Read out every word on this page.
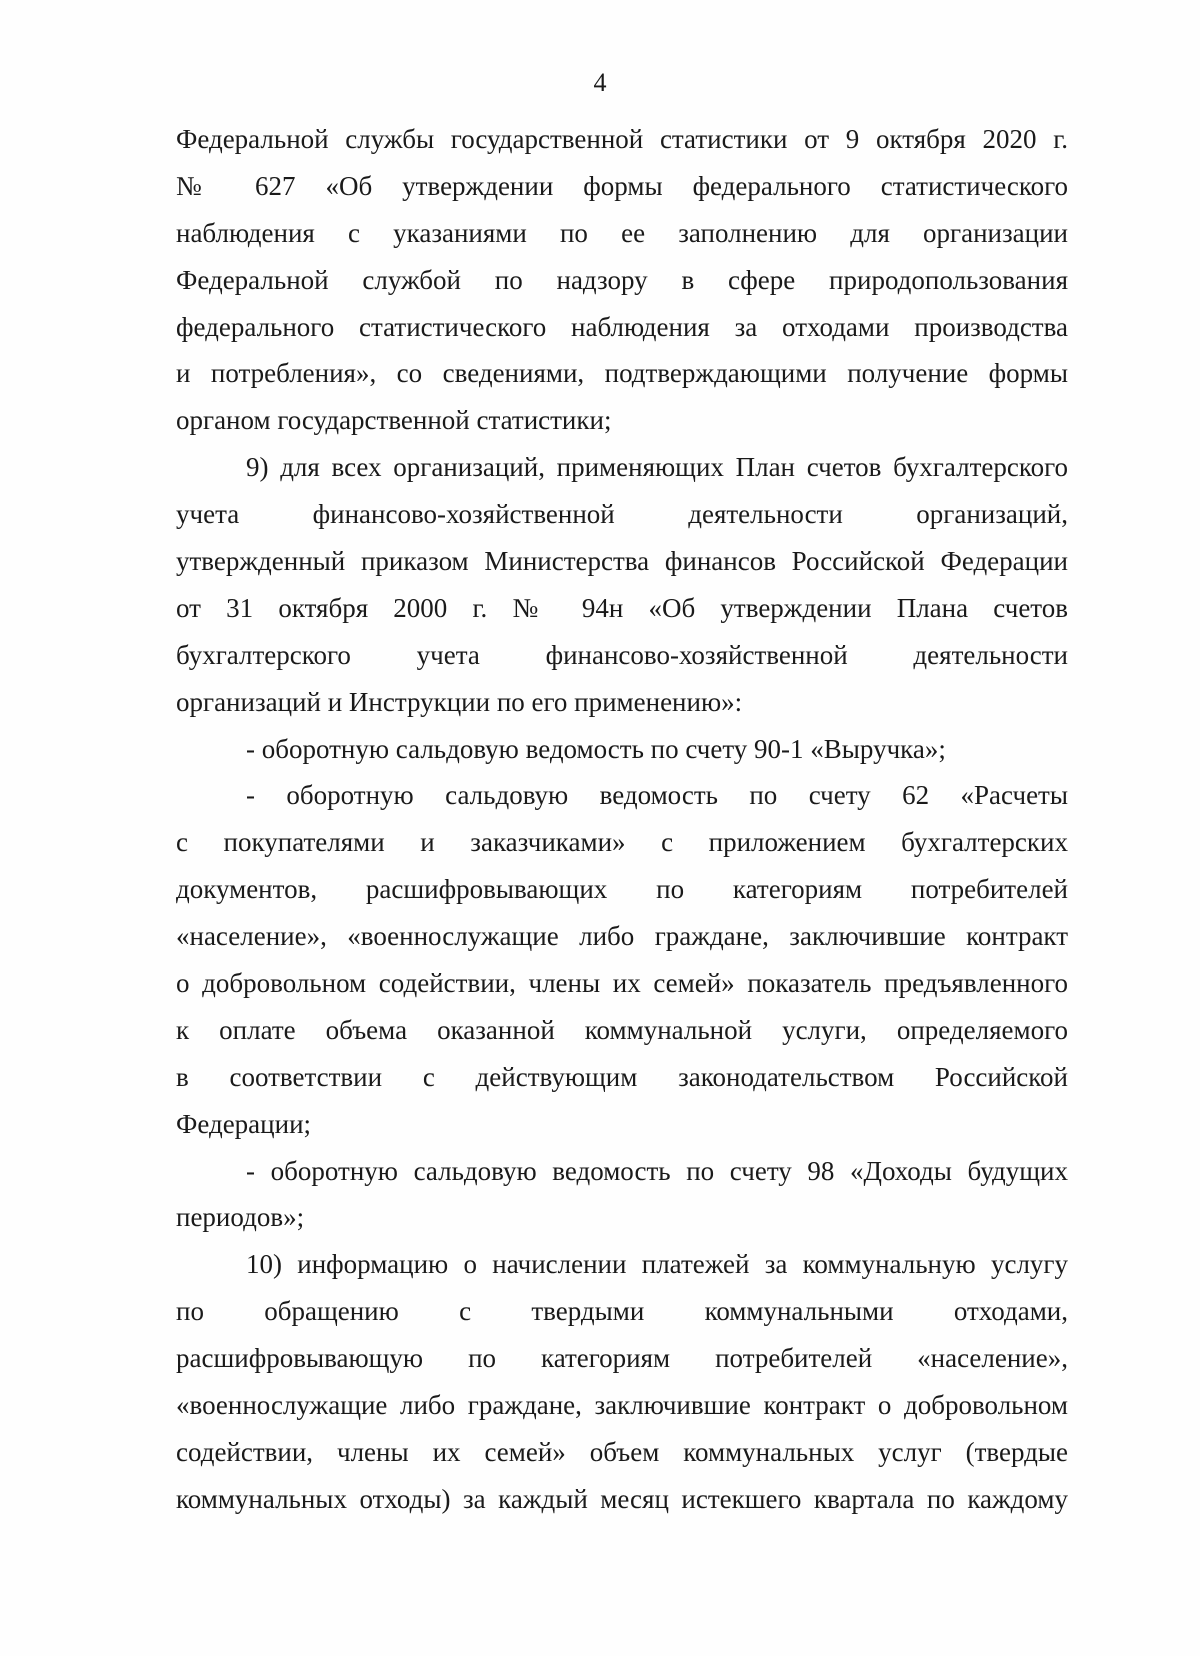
4
Федеральной службы государственной статистики от 9 октября 2020 г.
№ 627 «Об утверждении формы федерального статистического
наблюдения с указаниями по ее заполнению для организации
Федеральной службой по надзору в сфере природопользования
федерального статистического наблюдения за отходами производства
и потребления», со сведениями, подтверждающими получение формы
органом государственной статистики;
9) для всех организаций, применяющих План счетов бухгалтерского
учета финансово-хозяйственной деятельности организаций,
утвержденный приказом Министерства финансов Российской Федерации
от 31 октября 2000 г. № 94н «Об утверждении Плана счетов
бухгалтерского учета финансово-хозяйственной деятельности
организаций и Инструкции по его применению»:
- оборотную сальдовую ведомость по счету 90-1 «Выручка»;
- оборотную сальдовую ведомость по счету 62 «Расчеты
с покупателями и заказчиками» с приложением бухгалтерских
документов, расшифровывающих по категориям потребителей
«население», «военнослужащие либо граждане, заключившие контракт
о добровольном содействии, члены их семей» показатель предъявленного
к оплате объема оказанной коммунальной услуги, определяемого
в соответствии с действующим законодательством Российской
Федерации;
- оборотную сальдовую ведомость по счету 98 «Доходы будущих
периодов»;
10) информацию о начислении платежей за коммунальную услугу
по обращению с твердыми коммунальными отходами,
расшифровывающую по категориям потребителей «население»,
«военнослужащие либо граждане, заключившие контракт о добровольном
содействии, члены их семей» объем коммунальных услуг (твердые
коммунальных отходы) за каждый месяц истекшего квартала по каждому
